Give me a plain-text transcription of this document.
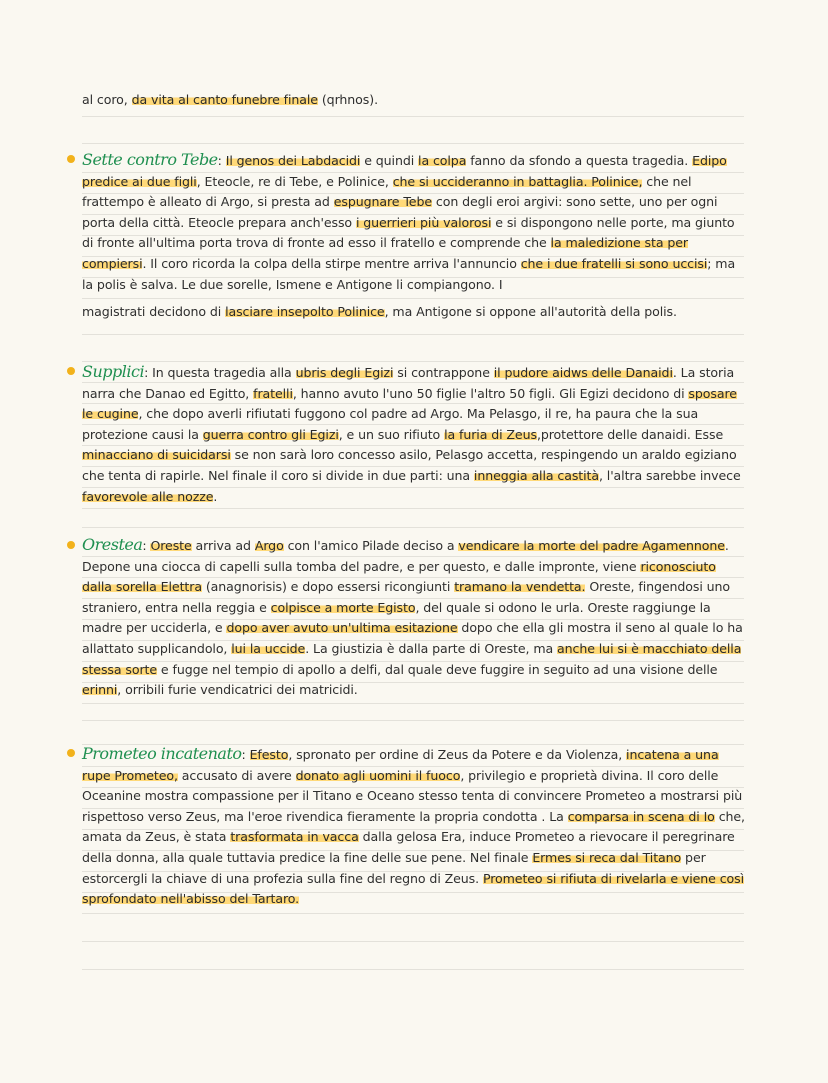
al coro, da vita al canto funebre finale (qrhnos).
Sette contro Tebe: Il genos dei Labdacidi e quindi la colpa fanno da sfondo a questa tragedia. Edipo predice ai due figli, Eteocle, re di Tebe, e Polinice, che si uccideranno in battaglia. Polinice, che nel frattempo è alleato di Argo, si presta ad espugnare Tebe con degli eroi argivi: sono sette, uno per ogni porta della città. Eteocle prepara anch'esso i guerrieri più valorosi e si dispongono nelle porte, ma giunto di fronte all'ultima porta trova di fronte ad esso il fratello e comprende che la maledizione sta per compiersi. Il coro ricorda la colpa della stirpe mentre arriva l'annuncio che i due fratelli si sono uccisi; ma la polis è salva. Le due sorelle, Ismene e Antigone li compiangono. I
magistrati decidono di lasciare insepolto Polinice, ma Antigone si oppone all'autorità della polis.
Supplici: In questa tragedia alla ubris degli Egizi si contrappone il pudore aidws delle Danaidi. La storia narra che Danao ed Egitto, fratelli, hanno avuto l'uno 50 figlie l'altro 50 figli. Gli Egizi decidono di sposare le cugine, che dopo averli rifiutati fuggono col padre ad Argo. Ma Pelasgo, il re, ha paura che la sua protezione causi la guerra contro gli Egizi, e un suo rifiuto la furia di Zeus,protettore delle danaidi. Esse minacciano di suicidarsi se non sarà loro concesso asilo, Pelasgo accetta, respingendo un araldo egiziano che tenta di rapirle. Nel finale il coro si divide in due parti: una inneggia alla castità, l'altra sarebbe invece favorevole alle nozze.
Orestea: Oreste arriva ad Argo con l'amico Pilade deciso a vendicare la morte del padre Agamennone. Depone una ciocca di capelli sulla tomba del padre, e per questo, e dalle impronte, viene riconosciuto dalla sorella Elettra (anagnorisis) e dopo essersi ricongiunti tramano la vendetta. Oreste, fingendosi uno straniero, entra nella reggia e colpisce a morte Egisto, del quale si odono le urla. Oreste raggiunge la madre per ucciderla, e dopo aver avuto un'ultima esitazione dopo che ella gli mostra il seno al quale lo ha allattato supplicandolo, lui la uccide. La giustizia è dalla parte di Oreste, ma anche lui si è macchiato della stessa sorte e fugge nel tempio di apollo a delfi, dal quale deve fuggire in seguito ad una visione delle erinni, orribili furie vendicatrici dei matricidi.
Prometeo incatenato: Efesto, spronato per ordine di Zeus da Potere e da Violenza, incatena a una rupe Prometeo, accusato di avere donato agli uomini il fuoco, privilegio e proprietà divina. Il coro delle Oceanine mostra compassione per il Titano e Oceano stesso tenta di convincere Prometeo a mostrarsi più rispettoso verso Zeus, ma l'eroe rivendica fieramente la propria condotta . La comparsa in scena di Io che, amata da Zeus, è stata trasformata in vacca dalla gelosa Era, induce Prometeo a rievocare il peregrinare della donna, alla quale tuttavia predice la fine delle sue pene. Nel finale Ermes si reca dal Titano per estorcergli la chiave di una profezia sulla fine del regno di Zeus. Prometeo si rifiuta di rivelarla e viene così sprofondato nell'abisso del Tartaro.
